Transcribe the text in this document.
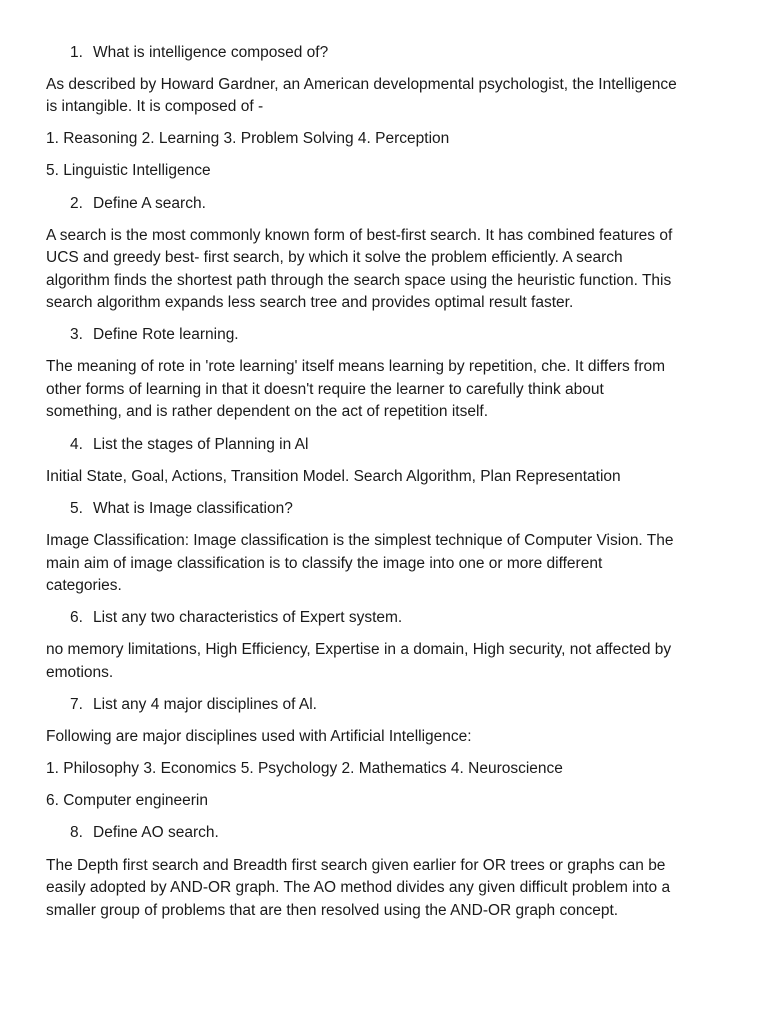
1. What is intelligence composed of?
As described by Howard Gardner, an American developmental psychologist, the Intelligence
is intangible. It is composed of -
1. Reasoning 2. Learning 3. Problem Solving 4. Perception
5. Linguistic Intelligence
2. Define A search.
A search is the most commonly known form of best-first search. It has combined features of
UCS and greedy best- first search, by which it solve the problem efficiently. A search
algorithm finds the shortest path through the search space using the heuristic function. This
search algorithm expands less search tree and provides optimal result faster.
3. Define Rote learning.
The meaning of rote in 'rote learning' itself means learning by repetition, che. It differs from
other forms of learning in that it doesn't require the learner to carefully think about
something, and is rather dependent on the act of repetition itself.
4. List the stages of Planning in Al
Initial State, Goal, Actions, Transition Model. Search Algorithm, Plan Representation
5. What is Image classification?
Image Classification: Image classification is the simplest technique of Computer Vision. The
main aim of image classification is to classify the image into one or more different
categories.
6. List any two characteristics of Expert system.
no memory limitations, High Efficiency, Expertise in a domain, High security, not affected by
emotions.
7. List any 4 major disciplines of Al.
Following are major disciplines used with Artificial Intelligence:
1. Philosophy 3. Economics 5. Psychology 2. Mathematics 4. Neuroscience
6. Computer engineerin
8. Define AO search.
The Depth first search and Breadth first search given earlier for OR trees or graphs can be
easily adopted by AND-OR graph. The AO method divides any given difficult problem into a
smaller group of problems that are then resolved using the AND-OR graph concept.
